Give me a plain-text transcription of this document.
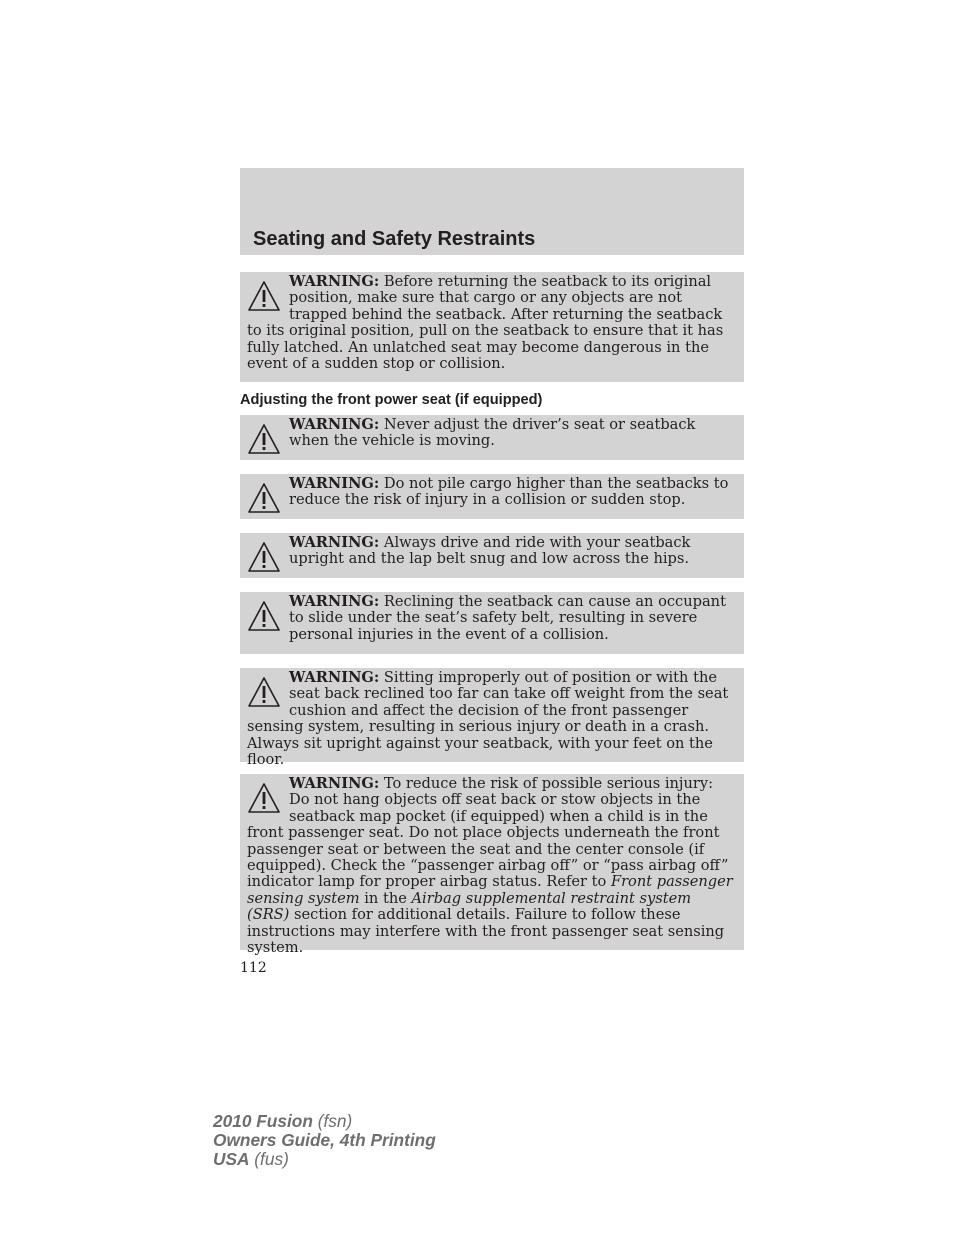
Seating and Safety Restraints
WARNING: Before returning the seatback to its original position, make sure that cargo or any objects are not trapped behind the seatback. After returning the seatback to its original position, pull on the seatback to ensure that it has fully latched. An unlatched seat may become dangerous in the event of a sudden stop or collision.
Adjusting the front power seat (if equipped)
WARNING: Never adjust the driver’s seat or seatback when the vehicle is moving.
WARNING: Do not pile cargo higher than the seatbacks to reduce the risk of injury in a collision or sudden stop.
WARNING: Always drive and ride with your seatback upright and the lap belt snug and low across the hips.
WARNING: Reclining the seatback can cause an occupant to slide under the seat’s safety belt, resulting in severe personal injuries in the event of a collision.
WARNING: Sitting improperly out of position or with the seat back reclined too far can take off weight from the seat cushion and affect the decision of the front passenger sensing system, resulting in serious injury or death in a crash. Always sit upright against your seatback, with your feet on the floor.
WARNING: To reduce the risk of possible serious injury: Do not hang objects off seat back or stow objects in the seatback map pocket (if equipped) when a child is in the front passenger seat. Do not place objects underneath the front passenger seat or between the seat and the center console (if equipped). Check the “passenger airbag off” or “pass airbag off” indicator lamp for proper airbag status. Refer to Front passenger sensing system in the Airbag supplemental restraint system (SRS) section for additional details. Failure to follow these instructions may interfere with the front passenger seat sensing system.
112
2010 Fusion (fsn)
Owners Guide, 4th Printing
USA (fus)
